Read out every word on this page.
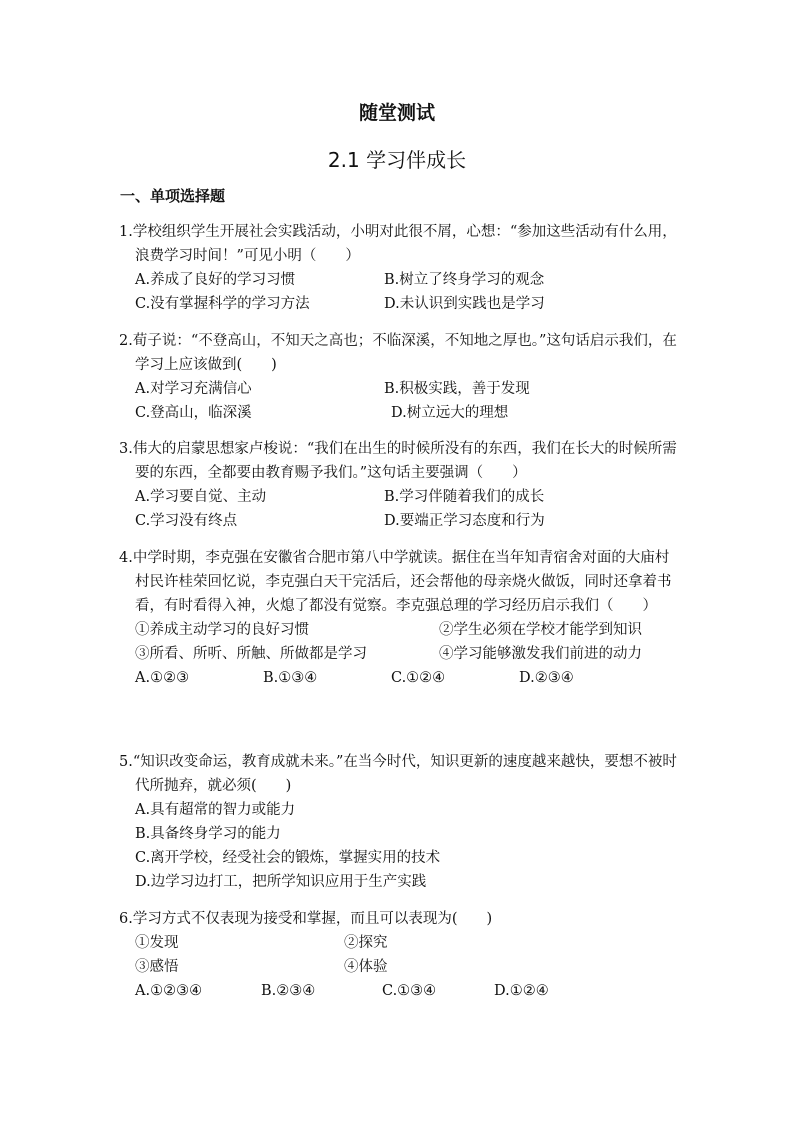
随堂测试
2.1 学习伴成长
一、单项选择题
1.学校组织学生开展社会实践活动，小明对此很不屑，心想：“参加这些活动有什么用，浪费学习时间！”可见小明（　　）
A.养成了良好的学习习惯	B.树立了终身学习的观念
C.没有掌握科学的学习方法	D.未认识到实践也是学习
2.荀子说：“不登高山，不知天之高也；不临深溪，不知地之厚也。”这句话启示我们，在学习上应该做到(　　)
A.对学习充满信心	B.积极实践，善于发现
C.登高山，临深溪	D.树立远大的理想
3.伟大的启蒙思想家卢梭说：“我们在出生的时候所没有的东西，我们在长大的时候所需要的东西，全都要由教育赐予我们。”这句话主要强调（　　）
A.学习要自觉、主动	B.学习伴随着我们的成长
C.学习没有终点	D.要端正学习态度和行为
4.中学时期，李克强在安徽省合肥市第八中学就读。据住在当年知青宿舍对面的大庙村村民许桂荣回忆说，李克强白天干完活后，还会帮他的母亲烧火做饭，同时还拿着书看，有时看得入神，火熄了都没有觉察。李克强总理的学习经历启示我们（　　）
①养成主动学习的良好习惯	②学生必须在学校才能学到知识
③所看、所听、所触、所做都是学习	④学习能够激发我们前进的动力
A.①②③	B.①③④	C.①②④	D.②③④
5.“知识改变命运，教育成就未来。”在当今时代，知识更新的速度越来越快，要想不被时代所抛弃，就必须(　　)
A.具有超常的智力或能力
B.具备终身学习的能力
C.离开学校，经受社会的锻炼，掌握实用的技术
D.边学习边打工，把所学知识应用于生产实践
6.学习方式不仅表现为接受和掌握，而且可以表现为(　　)
①发现	②探究
③感悟	④体验
A.①②③④	B.②③④	C.①③④	D.①②④
